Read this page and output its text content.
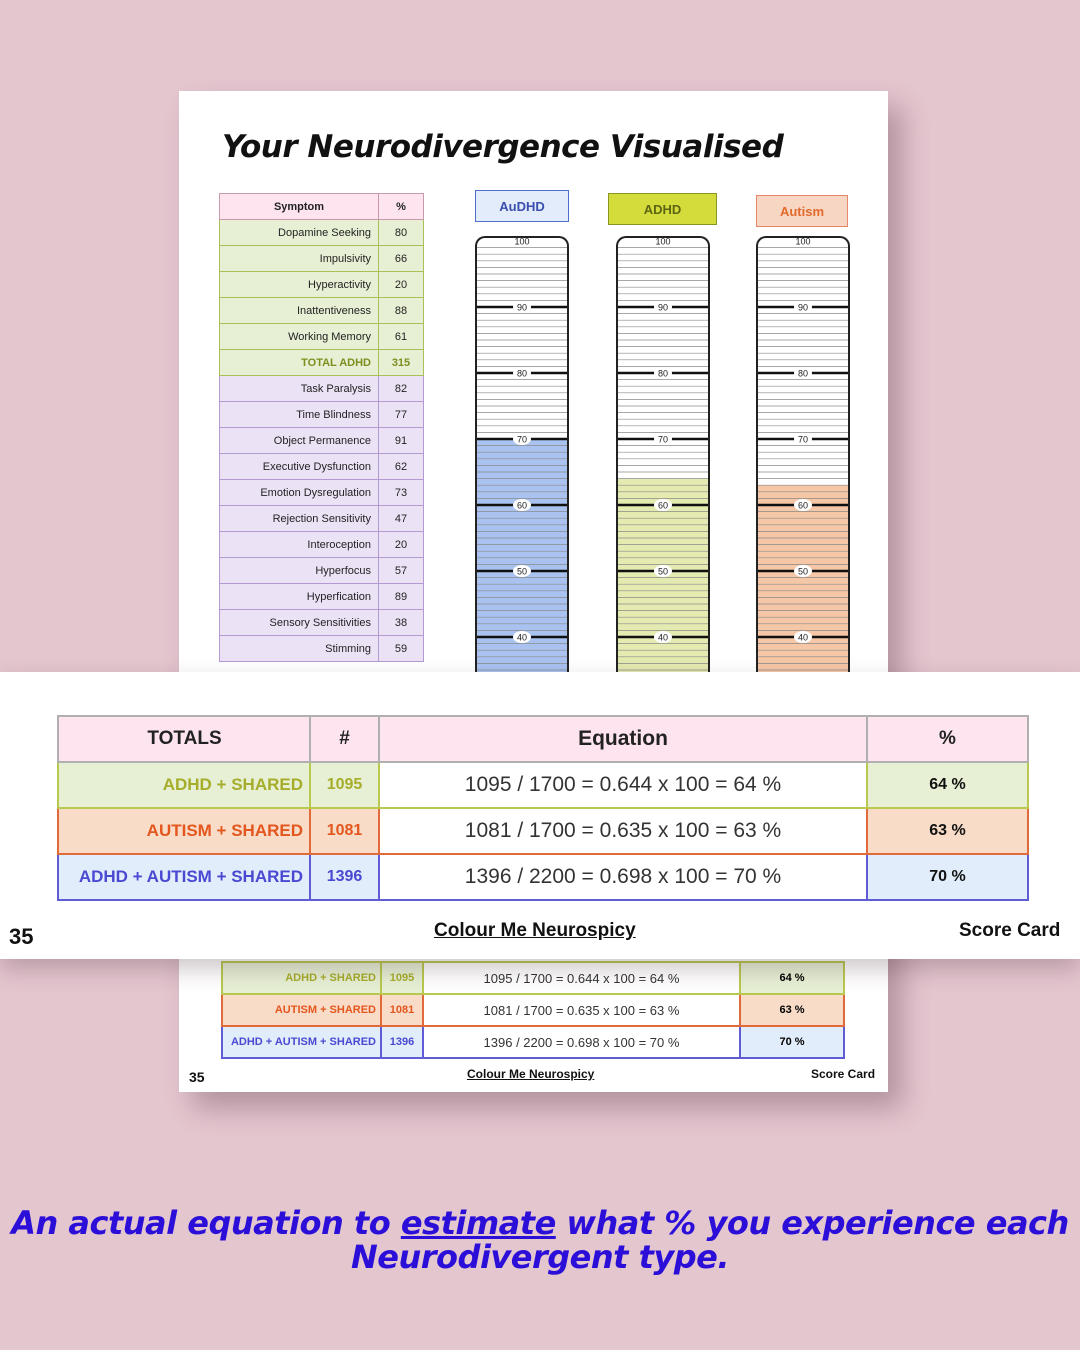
Your Neurodivergence Visualised
Symptom	%
Dopamine Seeking	80
Impulsivity	66
Hyperactivity	20
Inattentiveness	88
Working Memory	61
TOTAL ADHD	315
Task Paralysis	82
Time Blindness	77
Object Permanence	91
Executive Dysfunction	62
Emotion Dysregulation	73
Rejection Sensitivity	47
Interoception	20
Hyperfocus	57
Hyperfication	89
Sensory Sensitivities	38
Stimming	59
AuDHD	ADHD	Autism
100
90
80
70
60
50
40
100
90
80
70
60
50
40
100
90
80
70
60
50
40
ADHD + SHARED	1095	1095 / 1700 = 0.644 x 100 = 64 %	64 %
AUTISM + SHARED	1081	1081 / 1700 = 0.635 x 100 = 63 %	63 %
ADHD + AUTISM + SHARED	1396	1396 / 2200 = 0.698 x 100 = 70 %	70 %
35	Colour Me Neurospicy	Score Card
TOTALS	#	Equation	%
ADHD + SHARED	1095	1095 / 1700 = 0.644 x 100 = 64 %	64 %
AUTISM + SHARED	1081	1081 / 1700 = 0.635 x 100 = 63 %	63 %
ADHD + AUTISM + SHARED	1396	1396 / 2200 = 0.698 x 100 = 70 %	70 %
35	Colour Me Neurospicy	Score Card
An actual equation to estimate what % you experience each Neurodivergent type.
